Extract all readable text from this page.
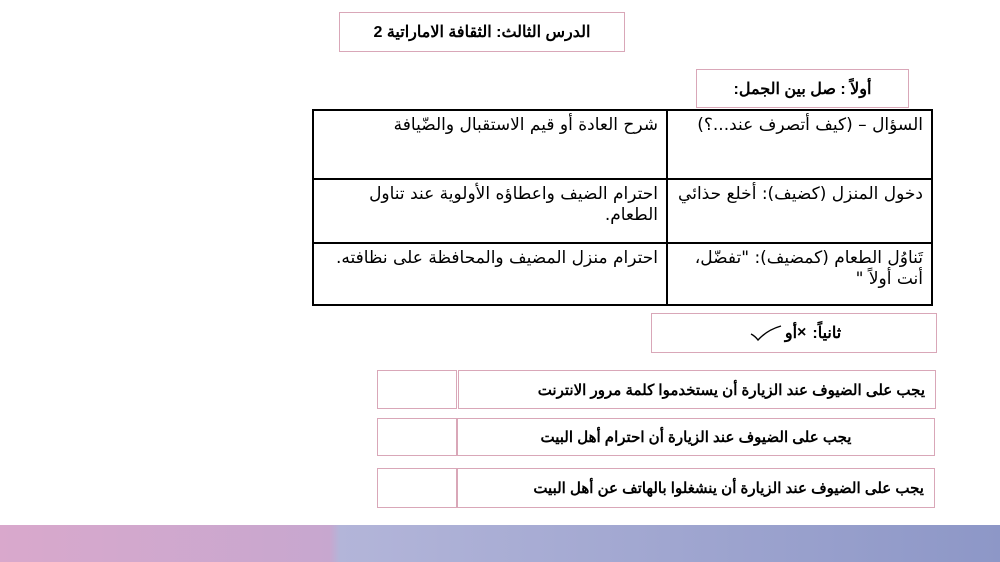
الدرس الثالث: الثقافة الاماراتية 2
أولاً : صل بين الجمل:
السؤال – (كيف أتصرف عند...؟)
شرح العادة أو قيم الاستقبال والضّيافة
دخول المنزل (كضيف): أخلع حذائي
احترام الضيف واعطاؤه الأولوية عند تناول الطعام.
تَناوُل الطعام (كمضيف): "تفضّل، أنت أولاً "
احترام منزل المضيف والمحافظة على نظافته.
ثانياً:
×
أو
يجب على الضيوف عند الزيارة أن يستخدموا كلمة مرور الانترنت
يجب على الضيوف عند الزيارة أن احترام أهل البيت
يجب على الضيوف عند الزيارة أن ينشغلوا بالهاتف عن أهل البيت
